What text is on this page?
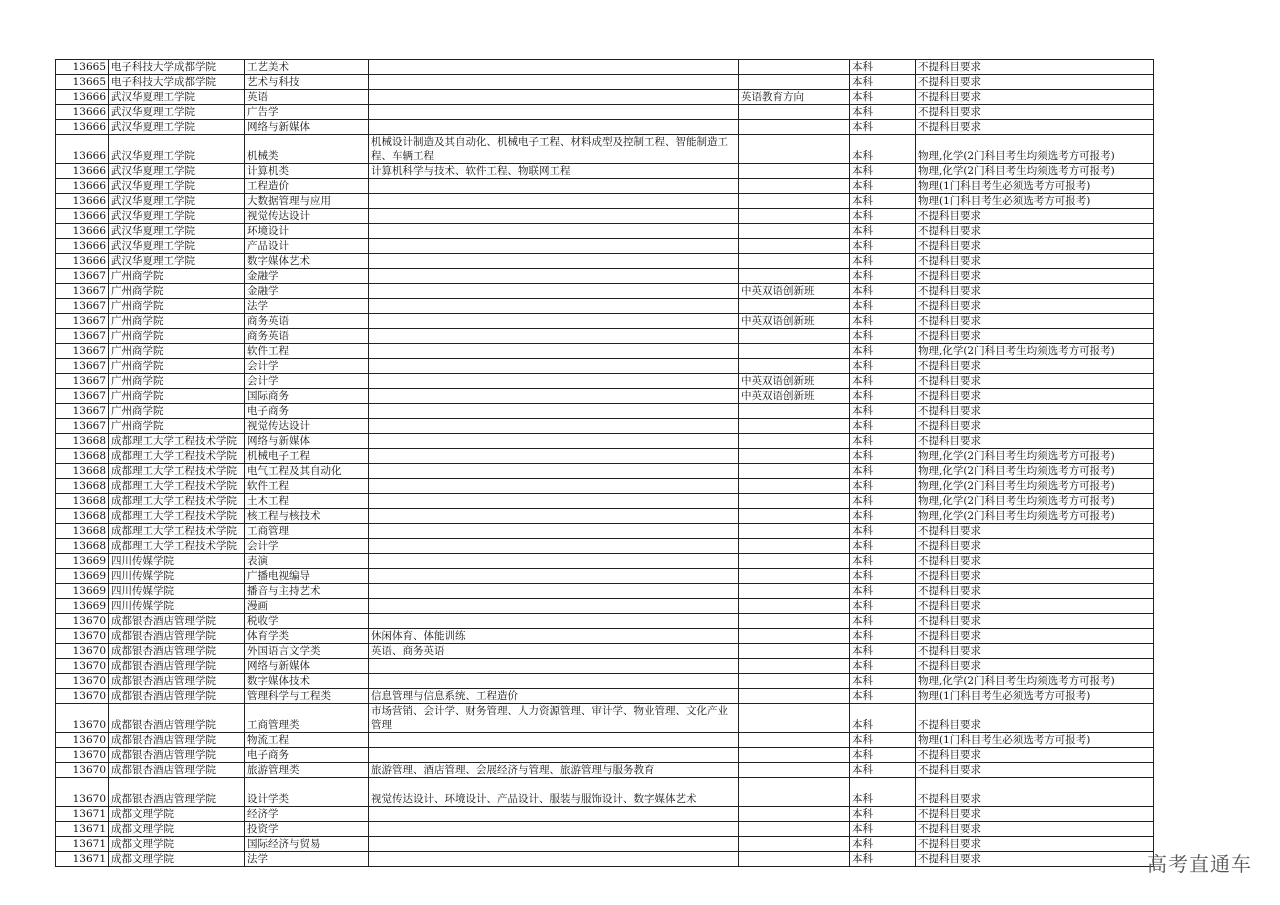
13665	电子科技大学成都学院	工艺美术			本科	不提科目要求
13665	电子科技大学成都学院	艺术与科技			本科	不提科目要求
13666	武汉华夏理工学院	英语		英语教育方向	本科	不提科目要求
13666	武汉华夏理工学院	广告学			本科	不提科目要求
13666	武汉华夏理工学院	网络与新媒体			本科	不提科目要求
13666	武汉华夏理工学院	机械类	机械设计制造及其自动化、机械电子工程、材料成型及控制工程、智能制造工程、车辆工程		本科	物理,化学(2门科目考生均须选考方可报考)
13666	武汉华夏理工学院	计算机类	计算机科学与技术、软件工程、物联网工程		本科	物理,化学(2门科目考生均须选考方可报考)
13666	武汉华夏理工学院	工程造价			本科	物理(1门科目考生必须选考方可报考)
13666	武汉华夏理工学院	大数据管理与应用			本科	物理(1门科目考生必须选考方可报考)
13666	武汉华夏理工学院	视觉传达设计			本科	不提科目要求
13666	武汉华夏理工学院	环境设计			本科	不提科目要求
13666	武汉华夏理工学院	产品设计			本科	不提科目要求
13666	武汉华夏理工学院	数字媒体艺术			本科	不提科目要求
13667	广州商学院	金融学			本科	不提科目要求
13667	广州商学院	金融学		中英双语创新班	本科	不提科目要求
13667	广州商学院	法学			本科	不提科目要求
13667	广州商学院	商务英语		中英双语创新班	本科	不提科目要求
13667	广州商学院	商务英语			本科	不提科目要求
13667	广州商学院	软件工程			本科	物理,化学(2门科目考生均须选考方可报考)
13667	广州商学院	会计学			本科	不提科目要求
13667	广州商学院	会计学		中英双语创新班	本科	不提科目要求
13667	广州商学院	国际商务		中英双语创新班	本科	不提科目要求
13667	广州商学院	电子商务			本科	不提科目要求
13667	广州商学院	视觉传达设计			本科	不提科目要求
13668	成都理工大学工程技术学院	网络与新媒体			本科	不提科目要求
13668	成都理工大学工程技术学院	机械电子工程			本科	物理,化学(2门科目考生均须选考方可报考)
13668	成都理工大学工程技术学院	电气工程及其自动化			本科	物理,化学(2门科目考生均须选考方可报考)
13668	成都理工大学工程技术学院	软件工程			本科	物理,化学(2门科目考生均须选考方可报考)
13668	成都理工大学工程技术学院	土木工程			本科	物理,化学(2门科目考生均须选考方可报考)
13668	成都理工大学工程技术学院	核工程与核技术			本科	物理,化学(2门科目考生均须选考方可报考)
13668	成都理工大学工程技术学院	工商管理			本科	不提科目要求
13668	成都理工大学工程技术学院	会计学			本科	不提科目要求
13669	四川传媒学院	表演			本科	不提科目要求
13669	四川传媒学院	广播电视编导			本科	不提科目要求
13669	四川传媒学院	播音与主持艺术			本科	不提科目要求
13669	四川传媒学院	漫画			本科	不提科目要求
13670	成都银杏酒店管理学院	税收学			本科	不提科目要求
13670	成都银杏酒店管理学院	体育学类	休闲体育、体能训练		本科	不提科目要求
13670	成都银杏酒店管理学院	外国语言文学类	英语、商务英语		本科	不提科目要求
13670	成都银杏酒店管理学院	网络与新媒体			本科	不提科目要求
13670	成都银杏酒店管理学院	数字媒体技术			本科	物理,化学(2门科目考生均须选考方可报考)
13670	成都银杏酒店管理学院	管理科学与工程类	信息管理与信息系统、工程造价		本科	物理(1门科目考生必须选考方可报考)
13670	成都银杏酒店管理学院	工商管理类	市场营销、会计学、财务管理、人力资源管理、审计学、物业管理、文化产业管理		本科	不提科目要求
13670	成都银杏酒店管理学院	物流工程			本科	物理(1门科目考生必须选考方可报考)
13670	成都银杏酒店管理学院	电子商务			本科	不提科目要求
13670	成都银杏酒店管理学院	旅游管理类	旅游管理、酒店管理、会展经济与管理、旅游管理与服务教育		本科	不提科目要求
13670	成都银杏酒店管理学院	设计学类	视觉传达设计、环境设计、产品设计、服装与服饰设计、数字媒体艺术		本科	不提科目要求
13671	成都文理学院	经济学			本科	不提科目要求
13671	成都文理学院	投资学			本科	不提科目要求
13671	成都文理学院	国际经济与贸易			本科	不提科目要求
13671	成都文理学院	法学			本科	不提科目要求	高考直通车
